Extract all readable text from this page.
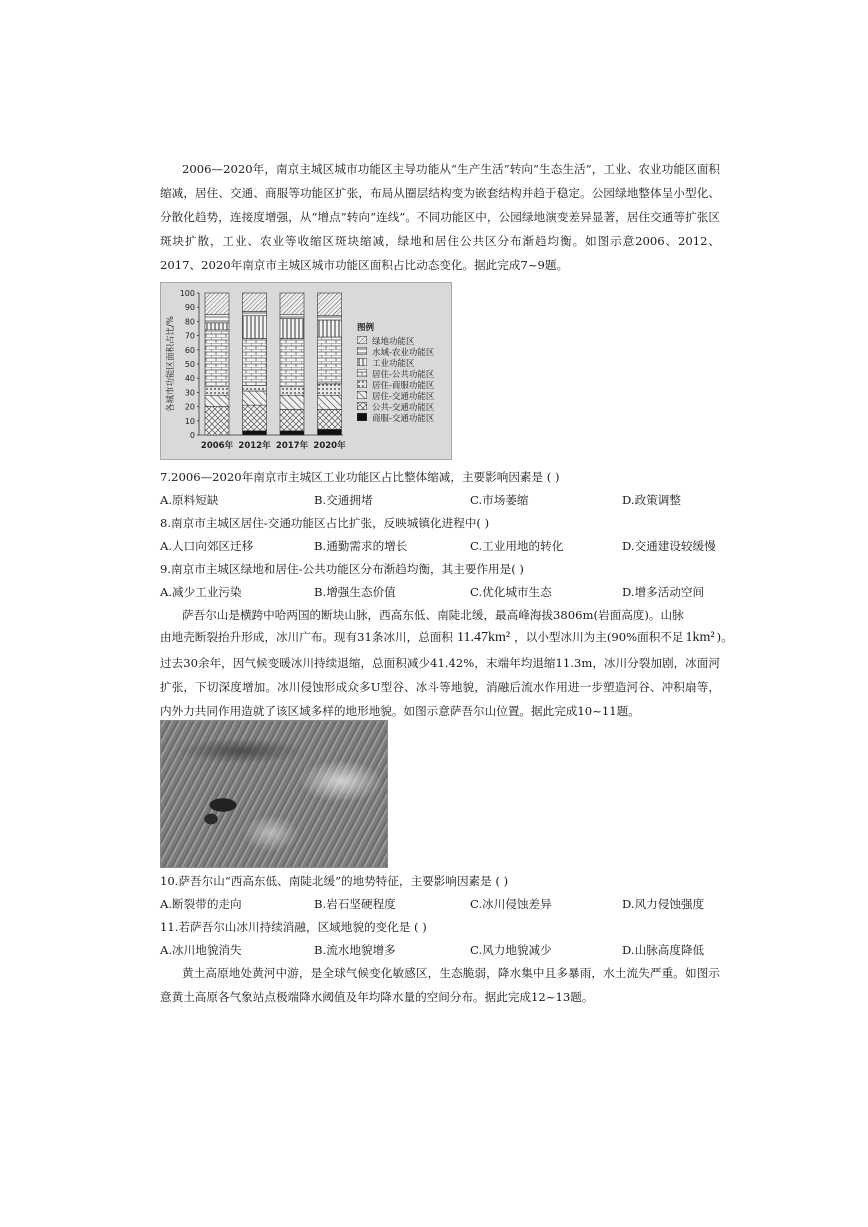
2006—2020年，南京主城区城市功能区主导功能从“生产生活”转向“生态生活”，工业、农业功能区面积缩减，居住、交通、商服等功能区扩张，布局从圈层结构变为嵌套结构并趋于稳定。公园绿地整体呈小型化、分散化趋势，连接度增强，从“增点”转向“连线”。不同功能区中，公园绿地演变差异显著，居住交通等扩张区斑块扩散，工业、农业等收缩区斑块缩减，绿地和居住公共区分布渐趋均衡。如图示意2006、2012、2017、2020年南京市主城区城市功能区面积占比动态变化。据此完成7~9题。

各城市功能区面积占比/%
0
10
20
30
40
50
60
70
80
90
100
2006年 2012年 2017年 2020年
图例
绿地功能区
水域-农业功能区
工业功能区
居住-公共功能区
居住-商服功能区
居住-交通功能区
公共-交通功能区
商服-交通功能区

7.2006—2020年南京市主城区工业功能区占比整体缩减，主要影响因素是 ( )

A.原料短缺	B.交通拥堵	C.市场萎缩	D.政策调整

8.南京市主城区居住-交通功能区占比扩张，反映城镇化进程中( )

A.人口向郊区迁移	B.通勤需求的增长	C.工业用地的转化	D.交通建设较缓慢

9.南京市主城区绿地和居住-公共功能区分布渐趋均衡，其主要作用是( )

A.减少工业污染	B.增强生态价值	C.优化城市生态	D.增多活动空间

萨吾尔山是横跨中哈两国的断块山脉，西高东低、南陡北缓，最高峰海拔3806m(岩面高度)。山脉

由地壳断裂抬升形成，冰川广布。现有31条冰川，总面积 11.47km² ，以小型冰川为主(90%面积不足 1km² )。

过去30余年，因气候变暖冰川持续退缩，总面积减少41.42%，末端年均退缩11.3m，冰川分裂加剧，冰面河扩张，下切深度增加。冰川侵蚀形成众多U型谷、冰斗等地貌，消融后流水作用进一步塑造河谷、冲积扇等，内外力共同作用造就了该区域多样的地形地貌。如图示意萨吾尔山位置。据此完成10~11题。

10.萨吾尔山“西高东低、南陡北缓”的地势特征，主要影响因素是 ( )

A.断裂带的走向	B.岩石坚硬程度	C.冰川侵蚀差异	D.风力侵蚀强度

11.若萨吾尔山冰川持续消融，区域地貌的变化是 ( )

A.冰川地貌消失	B.流水地貌增多	C.风力地貌减少	D.山脉高度降低

黄土高原地处黄河中游，是全球气候变化敏感区，生态脆弱，降水集中且多暴雨，水土流失严重。如图示意黄土高原各气象站点极端降水阈值及年均降水量的空间分布。据此完成12~13题。
